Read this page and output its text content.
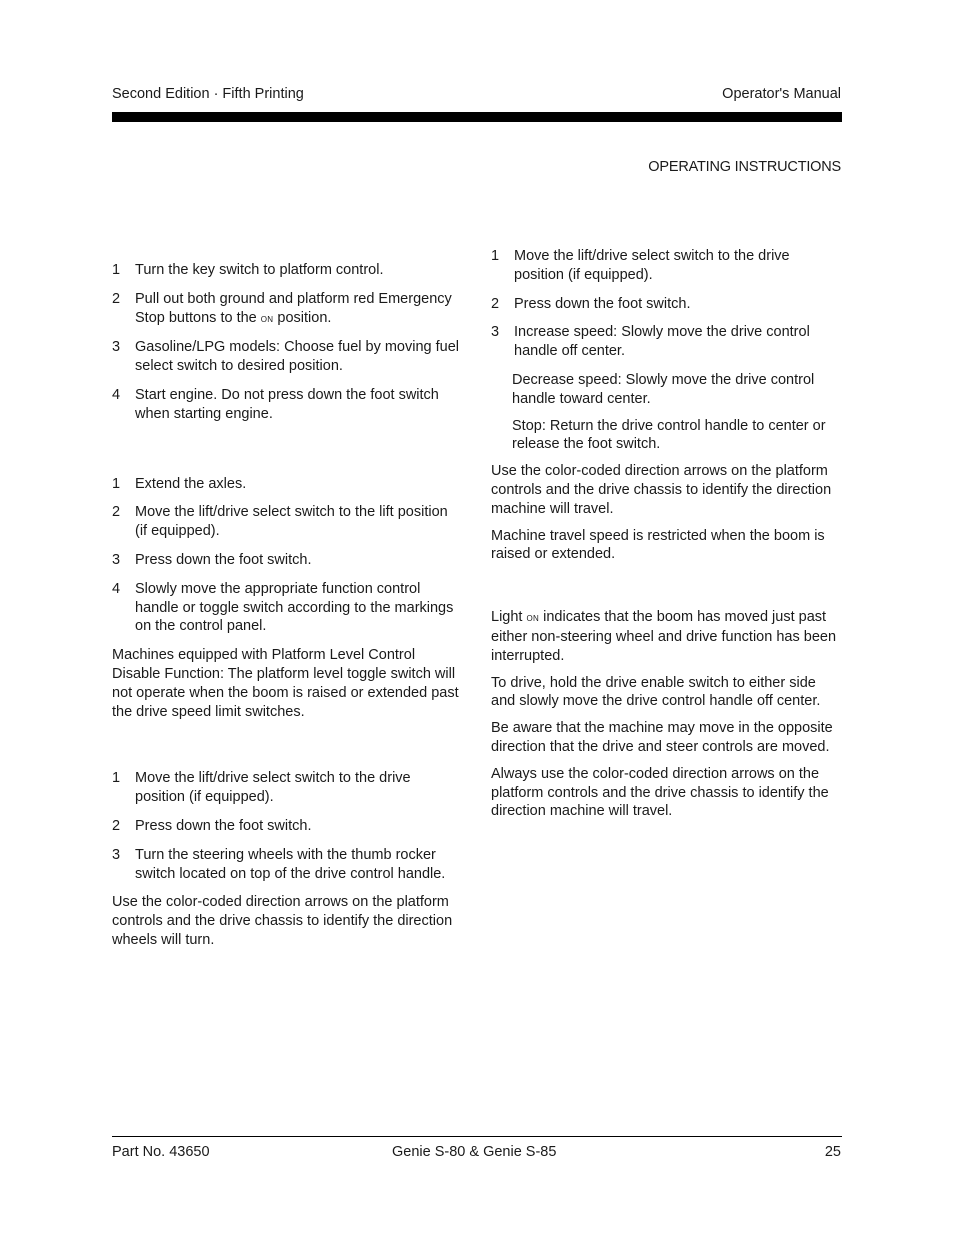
Second Edition · Fifth Printing	Operator's Manual
OPERATING INSTRUCTIONS
1 Turn the key switch to platform control.
2 Pull out both ground and platform red Emergency Stop buttons to the on position.
3 Gasoline/LPG models: Choose fuel by moving fuel select switch to desired position.
4 Start engine. Do not press down the foot switch when starting engine.
1 Extend the axles.
2 Move the lift/drive select switch to the lift position (if equipped).
3 Press down the foot switch.
4 Slowly move the appropriate function control handle or toggle switch according to the markings on the control panel.
Machines equipped with Platform Level Control Disable Function: The platform level toggle switch will not operate when the boom is raised or extended past the drive speed limit switches.
1 Move the lift/drive select switch to the drive position (if equipped).
2 Press down the foot switch.
3 Turn the steering wheels with the thumb rocker switch located on top of the drive control handle.
Use the color-coded direction arrows on the platform controls and the drive chassis to identify the direction wheels will turn.
1 Move the lift/drive select switch to the drive position (if equipped).
2 Press down the foot switch.
3 Increase speed: Slowly move the drive control handle off center.
Decrease speed: Slowly move the drive control handle toward center.
Stop: Return the drive control handle to center or release the foot switch.
Use the color-coded direction arrows on the platform controls and the drive chassis to identify the direction machine will travel.
Machine travel speed is restricted when the boom is raised or extended.
Light on indicates that the boom has moved just past either non-steering wheel and drive function has been interrupted.
To drive, hold the drive enable switch to either side and slowly move the drive control handle off center.
Be aware that the machine may move in the opposite direction that the drive and steer controls are moved.
Always use the color-coded direction arrows on the platform controls and the drive chassis to identify the direction machine will travel.
Part No. 43650	Genie S-80 & Genie S-85	25
